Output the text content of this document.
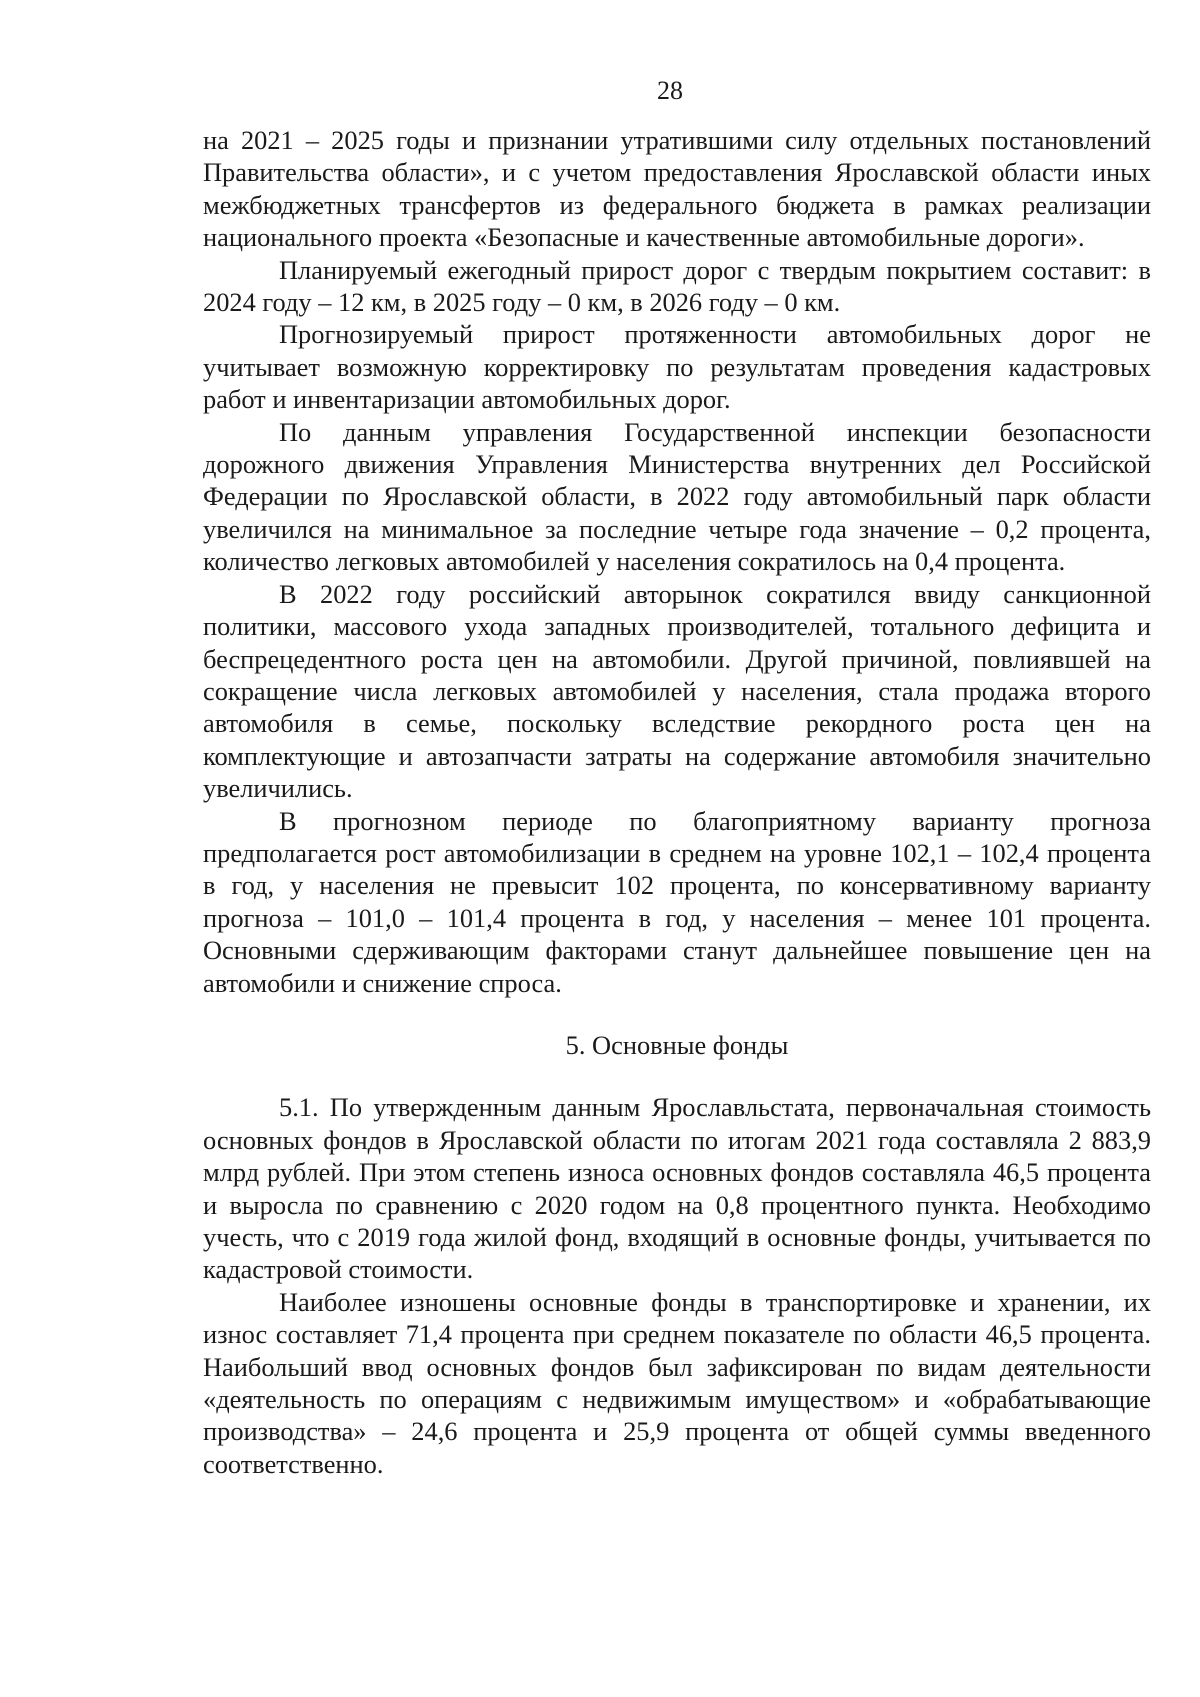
28

на 2021 – 2025 годы и признании утратившими силу отдельных постановлений Правительства области», и с учетом предоставления Ярославской области иных межбюджетных трансфертов из федерального бюджета в рамках реализации национального проекта «Безопасные и качественные автомобильные дороги».

Планируемый ежегодный прирост дорог с твердым покрытием составит: в 2024 году – 12 км, в 2025 году – 0 км, в 2026 году – 0 км.

Прогнозируемый прирост протяженности автомобильных дорог не учитывает возможную корректировку по результатам проведения кадастровых работ и инвентаризации автомобильных дорог.

По данным управления Государственной инспекции безопасности дорожного движения Управления Министерства внутренних дел Российской Федерации по Ярославской области, в 2022 году автомобильный парк области увеличился на минимальное за последние четыре года значение – 0,2 процента, количество легковых автомобилей у населения сократилось на 0,4 процента.

В 2022 году российский авторынок сократился ввиду санкционной политики, массового ухода западных производителей, тотального дефицита и беспрецедентного роста цен на автомобили. Другой причиной, повлиявшей на сокращение числа легковых автомобилей у населения, стала продажа второго автомобиля в семье, поскольку вследствие рекордного роста цен на комплектующие и автозапчасти затраты на содержание автомобиля значительно увеличились.

В прогнозном периоде по благоприятному варианту прогноза предполагается рост автомобилизации в среднем на уровне 102,1 – 102,4 процента в год, у населения не превысит 102 процента, по консервативному варианту прогноза – 101,0 – 101,4 процента в год, у населения – менее 101 процента. Основными сдерживающим факторами станут дальнейшее повышение цен на автомобили и снижение спроса.

5. Основные фонды

5.1. По утвержденным данным Ярославльстата, первоначальная стоимость основных фондов в Ярославской области по итогам 2021 года составляла 2 883,9 млрд рублей. При этом степень износа основных фондов составляла 46,5 процента и выросла по сравнению с 2020 годом на 0,8 процентного пункта. Необходимо учесть, что с 2019 года жилой фонд, входящий в основные фонды, учитывается по кадастровой стоимости.

Наиболее изношены основные фонды в транспортировке и хранении, их износ составляет 71,4 процента при среднем показателе по области 46,5 процента. Наибольший ввод основных фондов был зафиксирован по видам деятельности «деятельность по операциям с недвижимым имуществом» и «обрабатывающие производства» – 24,6 процента и 25,9 процента от общей суммы введенного соответственно.
